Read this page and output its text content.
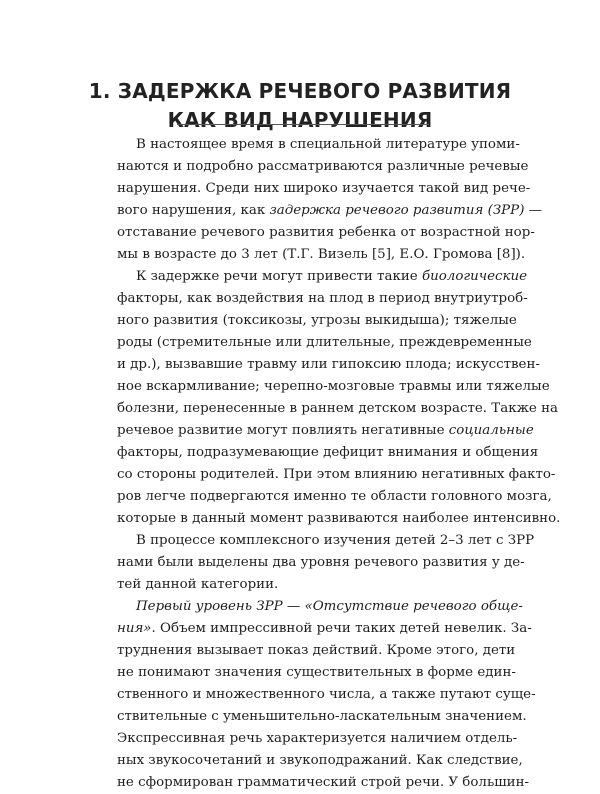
1. ЗАДЕРЖКА РЕЧЕВОГО РАЗВИТИЯ
КАК ВИД НАРУШЕНИЯ
В настоящее время в специальной литературе упоми-
наются и подробно рассматриваются различные речевые
нарушения. Среди них широко изучается такой вид рече-
вого нарушения, как задержка речевого развития (ЗРР) —
отставание речевого развития ребенка от возрастной нор-
мы в возрасте до 3 лет (Т.Г. Визель [5], Е.О. Громова [8]).
К задержке речи могут привести такие биологические
факторы, как воздействия на плод в период внутриутроб-
ного развития (токсикозы, угрозы выкидыша); тяжелые
роды (стремительные или длительные, преждевременные
и др.), вызвавшие травму или гипоксию плода; искусствен-
ное вскармливание; черепно-мозговые травмы или тяжелые
болезни, перенесенные в раннем детском возрасте. Также на
речевое развитие могут повлиять негативные социальные
факторы, подразумевающие дефицит внимания и общения
со стороны родителей. При этом влиянию негативных факто-
ров легче подвергаются именно те области головного мозга,
которые в данный момент развиваются наиболее интенсивно.
В процессе комплексного изучения детей 2–3 лет с ЗРР
нами были выделены два уровня речевого развития у де-
тей данной категории.
Первый уровень ЗРР — «Отсутствие речевого обще-
ния». Объем импрессивной речи таких детей невелик. За-
труднения вызывает показ действий. Кроме этого, дети
не понимают значения существительных в форме един-
ственного и множественного числа, а также путают суще-
ствительные с уменьшительно-ласкательным значением.
Экспрессивная речь характеризуется наличием отдель-
ных звукосочетаний и звукоподражаний. Как следствие,
не сформирован грамматический строй речи. У большин-
